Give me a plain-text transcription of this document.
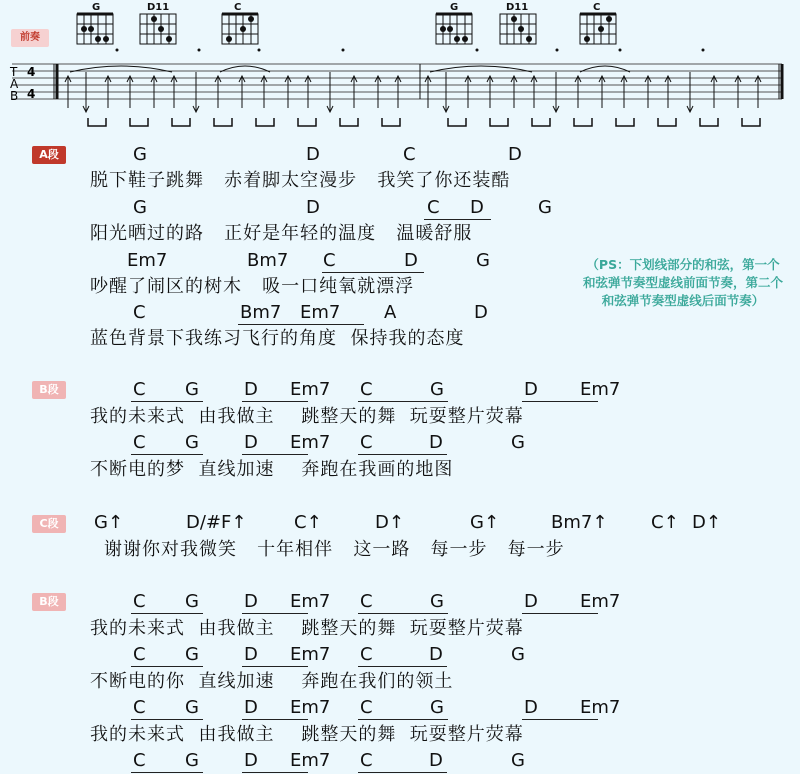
前奏
T
A
B
4
4
G	D11	C	G	D11	C
A段	G	D	C	D
脱下鞋子跳舞   赤着脚太空漫步   我笑了你还装酷
G	D	C D	G
阳光晒过的路   正好是年轻的温度   温暖舒服
Em7	Bm7 C	D	G
吵醒了闹区的树木   吸一口纯氧就漂浮
C	Bm7 Em7 A	D
蓝色背景下我练习飞行的角度  保持我的态度
（PS：下划线部分的和弦，第一个和弦弹节奏型虚线前面节奏，第二个和弦弹节奏型虚线后面节奏）
B段	C G	D Em7 C	G	D Em7
C G	D Em7 C	D	G
我的未来式  由我做主    跳整天的舞  玩耍整片荧幕
不断电的梦  直线加速    奔跑在我画的地图
C段	G↑	D/#F↑	C↑	D↑	G↑	Bm7↑ C↑ D↑
谢谢你对我微笑   十年相伴   这一路   每一步   每一步
B段	C G	D Em7 C	G	D Em7
C G	D Em7 C	D	G
C G	D Em7 C	G	D Em7
C G	D Em7 C	D	G
我的未来式  由我做主    跳整天的舞  玩耍整片荧幕
不断电的你  直线加速    奔跑在我们的领土
我的未来式  由我做主    跳整天的舞  玩耍整片荧幕
